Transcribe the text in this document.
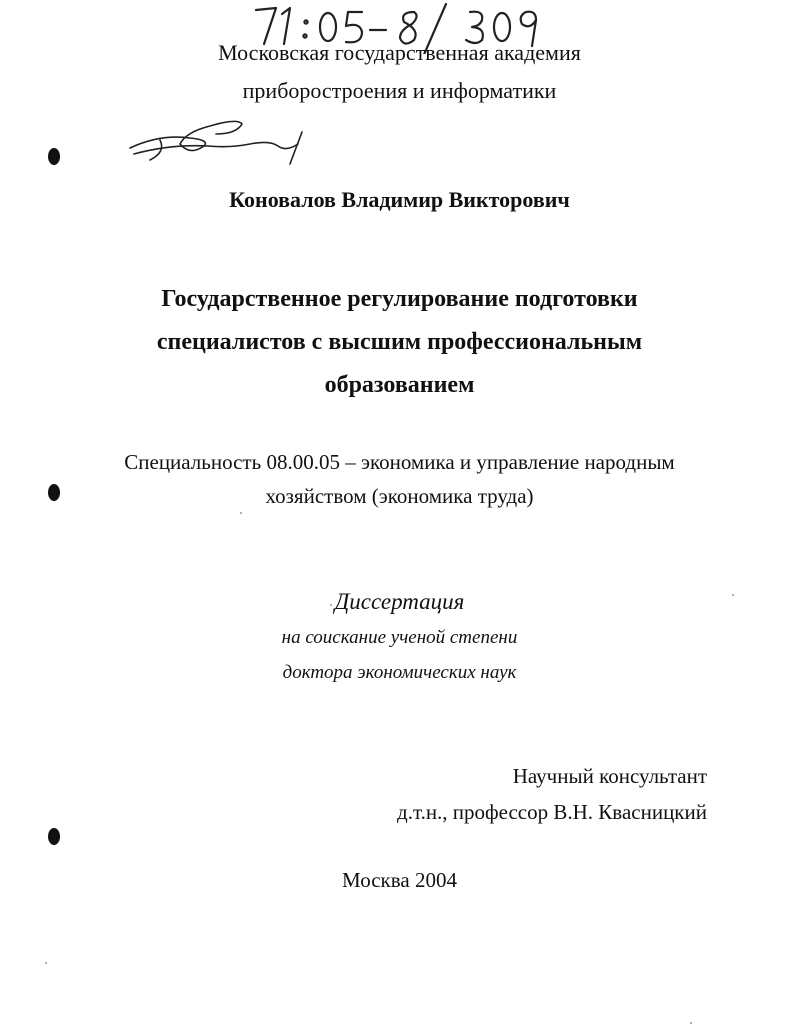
Московская государственная академия
приборостроения и информатики
Коновалов Владимир Викторович
Государственное регулирование подготовки
специалистов с высшим профессиональным
образованием
Специальность 08.00.05 – экономика и управление народным
хозяйством (экономика труда)
Диссертация
на соискание ученой степени
доктора экономических наук
Научный консультант
д.т.н., профессор В.Н. Квасницкий
Москва 2004
